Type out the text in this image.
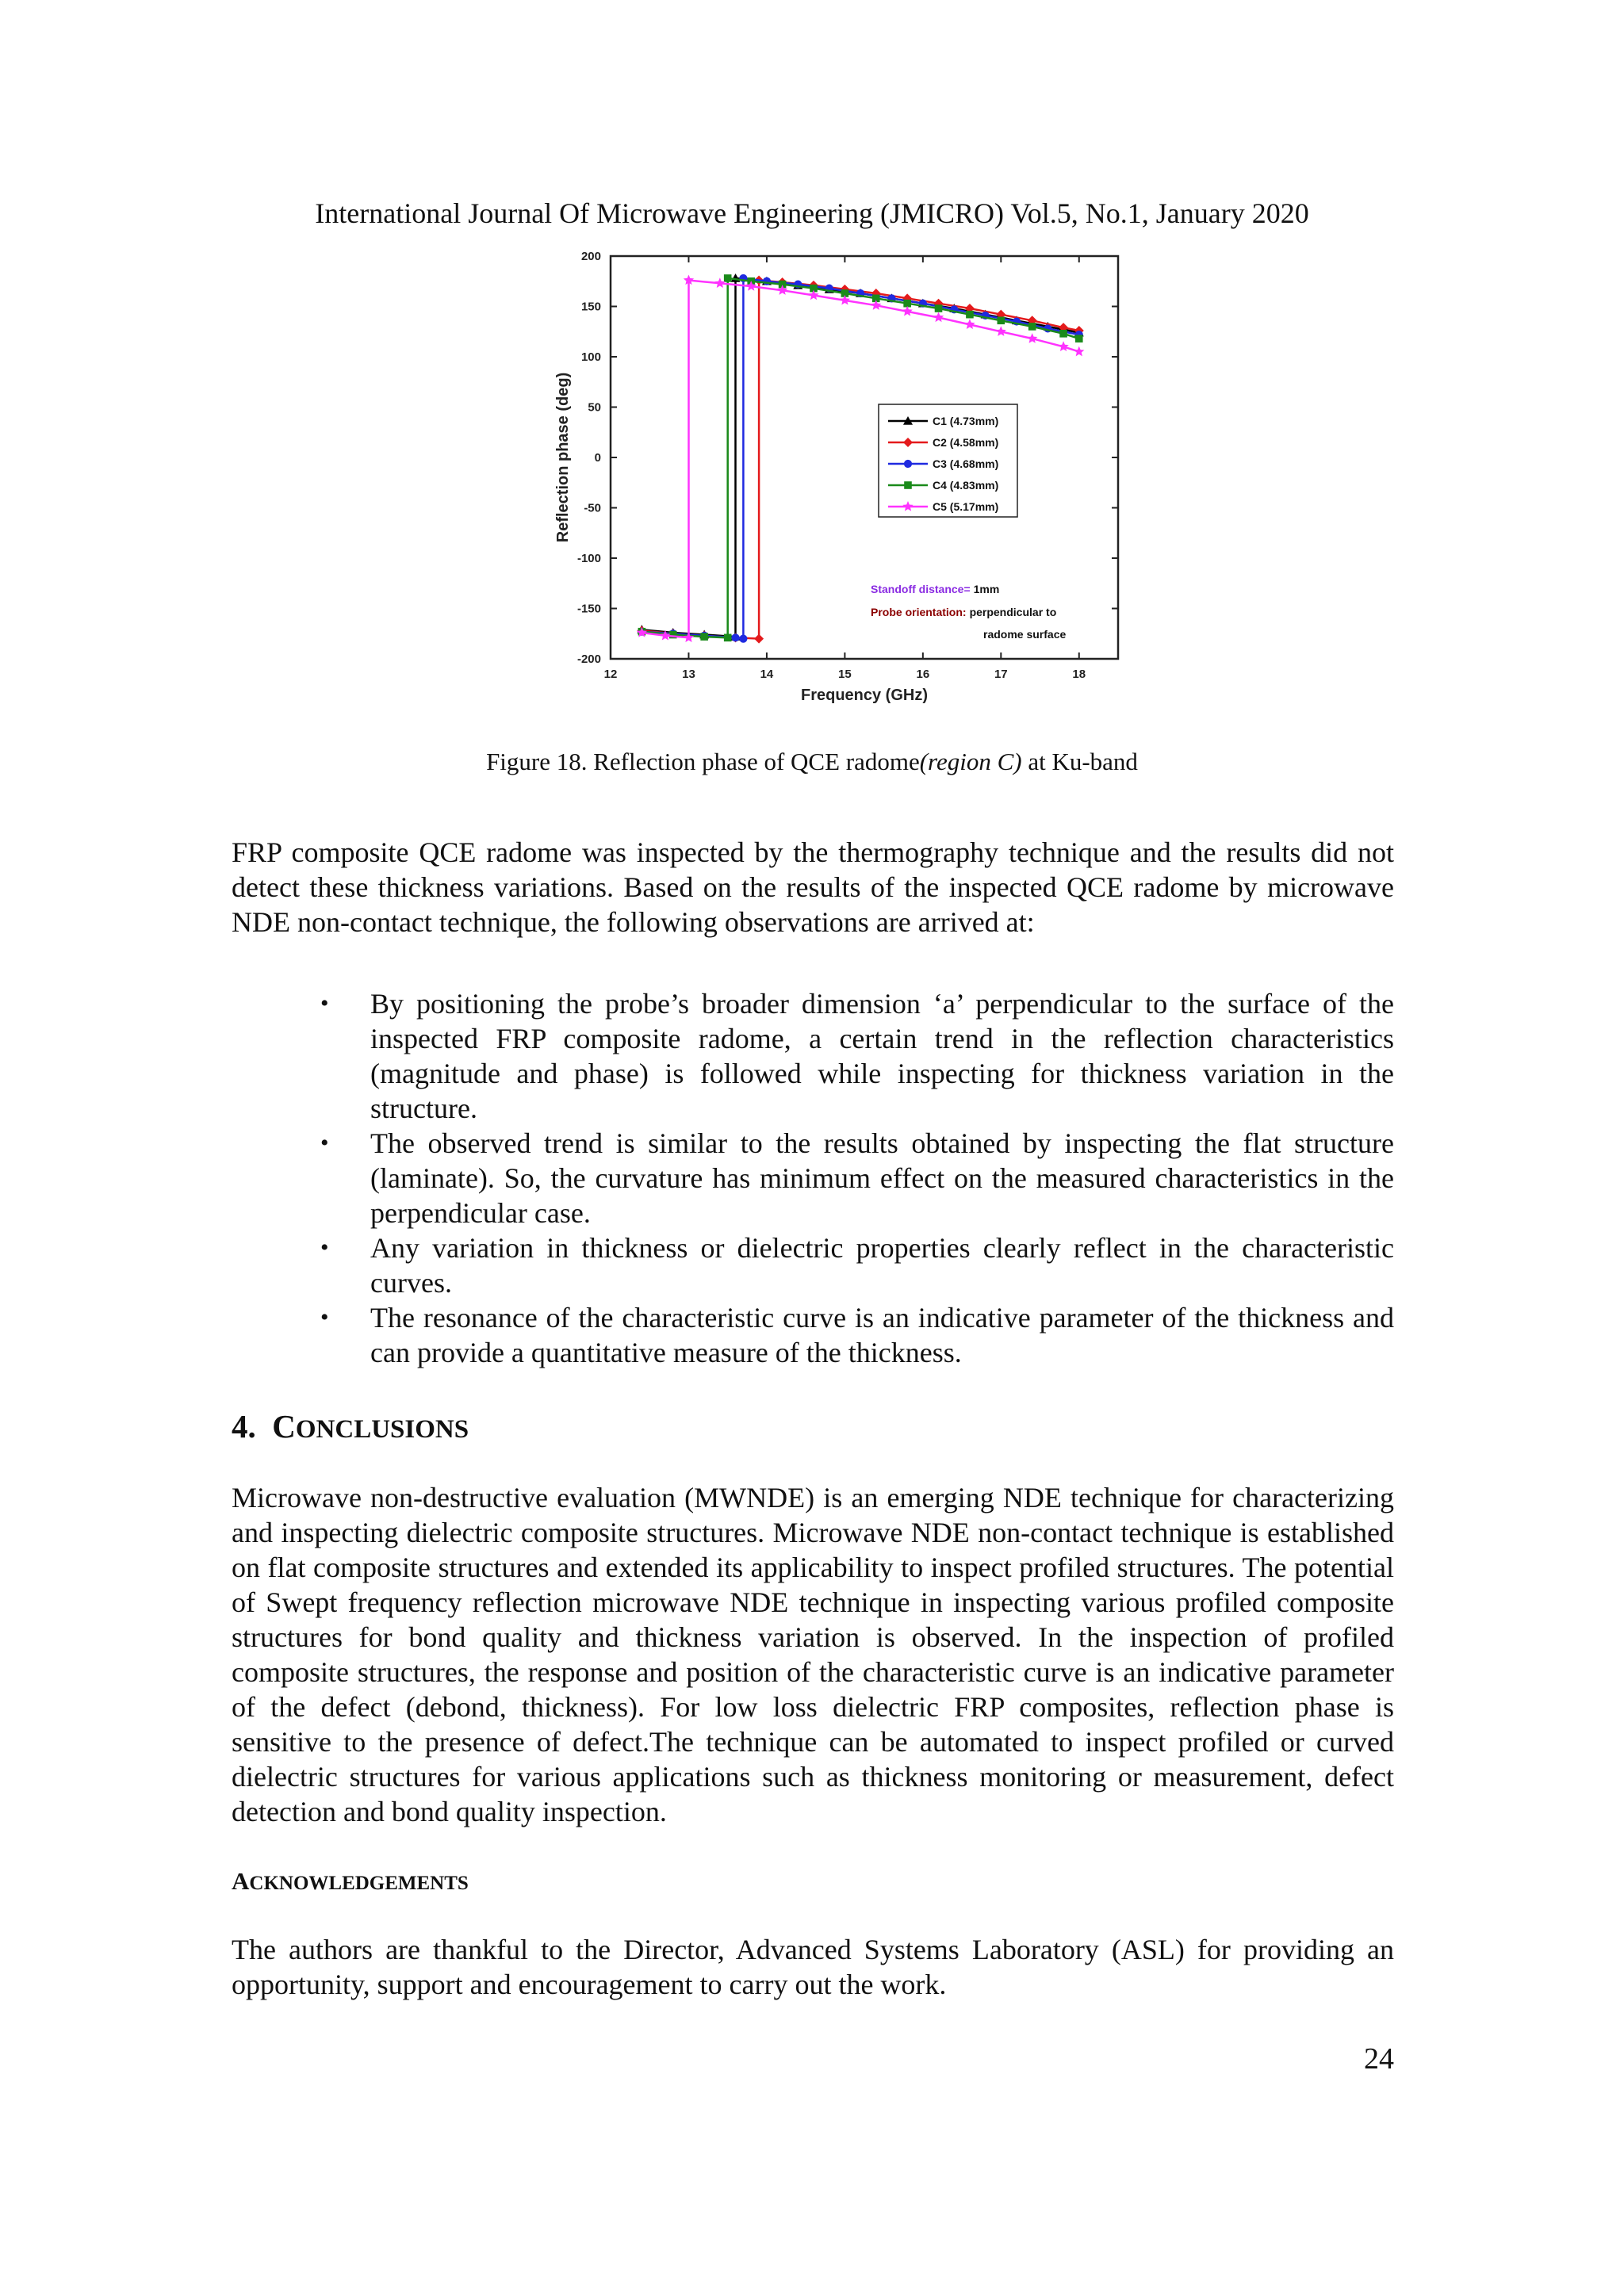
International Journal Of Microwave Engineering (JMICRO) Vol.5, No.1, January 2020
12	13	14	15	16	17	18
-200
-150
-100
-50
0
50
100
150
200
Frequency (GHz)
Reflection phase (deg)	C1 (4.73mm)
C2 (4.58mm)
C3 (4.68mm)
C4 (4.83mm)
C5 (5.17mm)
Standoff distance= 1mm
Probe orientation: perpendicular to
radome surface
Figure 18. Reflection phase of QCE radome(region C) at Ku-band

FRP composite QCE radome was inspected by the thermography technique and the results did not detect these thickness variations. Based on the results of the inspected QCE radome by microwave NDE non-contact technique, the following observations are arrived at:

• By positioning the probe’s broader dimension ‘a’ perpendicular to the surface of the inspected FRP composite radome, a certain trend in the reflection characteristics (magnitude and phase) is followed while inspecting for thickness variation in the structure.
• The observed trend is similar to the results obtained by inspecting the flat structure (laminate). So, the curvature has minimum effect on the measured characteristics in the perpendicular case.
• Any variation in thickness or dielectric properties clearly reflect in the characteristic curves.
• The resonance of the characteristic curve is an indicative parameter of the thickness and can provide a quantitative measure of the thickness.
4. CONCLUSIONS

Microwave non-destructive evaluation (MWNDE) is an emerging NDE technique for characterizing and inspecting dielectric composite structures. Microwave NDE non-contact technique is established on flat composite structures and extended its applicability to inspect profiled structures. The potential of Swept frequency reflection microwave NDE technique in inspecting various profiled composite structures for bond quality and thickness variation is observed. In the inspection of profiled composite structures, the response and position of the characteristic curve is an indicative parameter of the defect (debond, thickness). For low loss dielectric FRP composites, reflection phase is sensitive to the presence of defect.The technique can be automated to inspect profiled or curved dielectric structures for various applications such as thickness monitoring or measurement, defect detection and bond quality inspection.

ACKNOWLEDGEMENTS

The authors are thankful to the Director, Advanced Systems Laboratory (ASL) for providing an opportunity, support and encouragement to carry out the work.

24
